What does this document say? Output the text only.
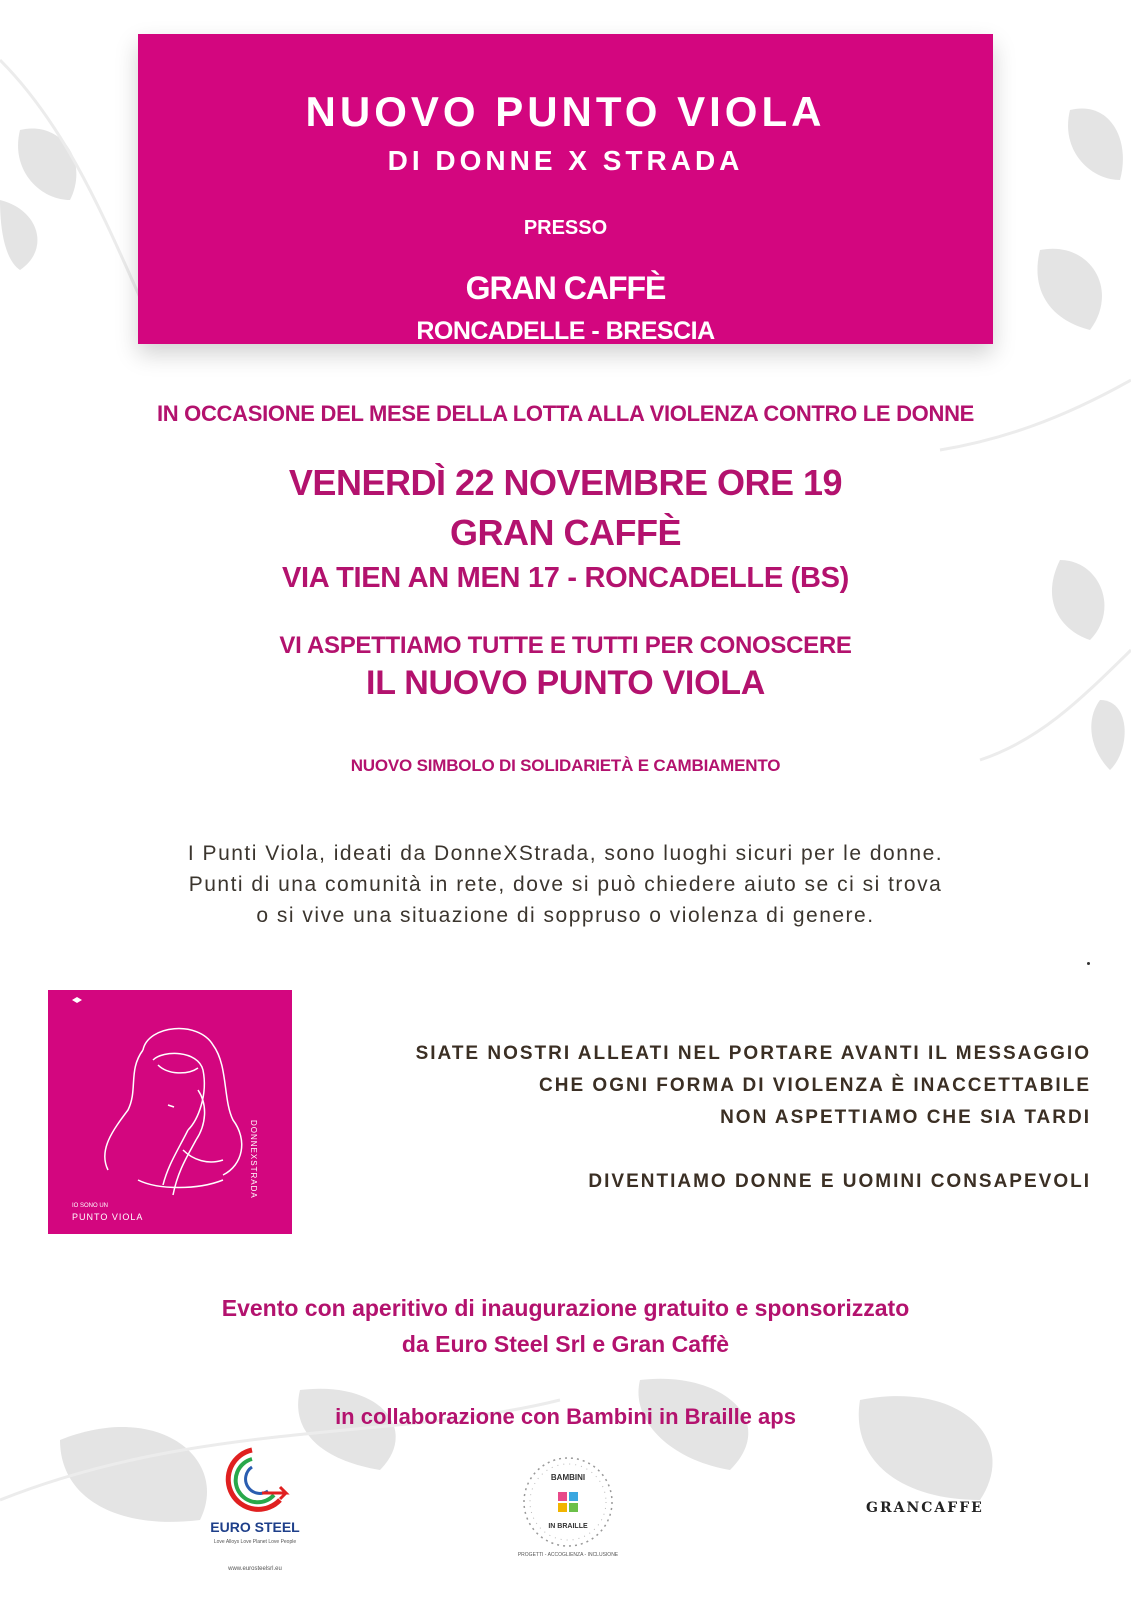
NUOVO PUNTO VIOLA
DI DONNE X STRADA
PRESSO
GRAN CAFFÈ
RONCADELLE - BRESCIA
IN OCCASIONE DEL MESE DELLA LOTTA ALLA VIOLENZA CONTRO LE DONNE
VENERDÌ 22 NOVEMBRE ORE 19
GRAN CAFFÈ
VIA TIEN AN MEN 17 - RONCADELLE (BS)
VI ASPETTIAMO TUTTE E TUTTI PER CONOSCERE
IL NUOVO PUNTO VIOLA
NUOVO SIMBOLO DI SOLIDARIETÀ E CAMBIAMENTO
I Punti Viola, ideati da DonneXStrada, sono luoghi sicuri per le donne.
Punti di una comunità in rete, dove si può chiedere aiuto se ci si trova
o si vive una situazione di soppruso o violenza di genere.
IO SONO UN
PUNTO VIOLA
DONNEXSTRADA
SIATE NOSTRI ALLEATI NEL PORTARE AVANTI IL MESSAGGIO
CHE OGNI FORMA DI VIOLENZA È INACCETTABILE
NON ASPETTIAMO CHE SIA TARDI
DIVENTIAMO DONNE E UOMINI CONSAPEVOLI
Evento con aperitivo di inaugurazione gratuito e sponsorizzato
da Euro Steel Srl e Gran Caffè
in collaborazione con Bambini in Braille aps
EURO STEEL
Love Alloys Love Planet Love People
www.eurosteelsrl.eu
BAMBINI
IN BRAILLE
PROGETTI - ACCOGLIENZA - INCLUSIONE
GRANCAFFE
